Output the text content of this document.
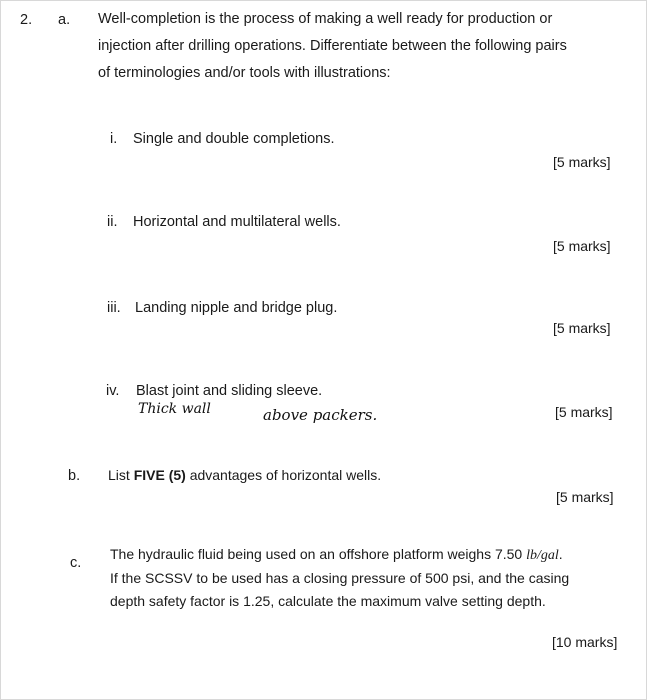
2. a. Well-completion is the process of making a well ready for production or
injection after drilling operations. Differentiate between the following pairs
of terminologies and/or tools with illustrations:
i. Single and double completions.
[5 marks]
ii. Horizontal and multilateral wells.
[5 marks]
iii. Landing nipple and bridge plug.
[5 marks]
iv. Blast joint and sliding sleeve.
Thick wall	above packers.	[5 marks]
b. List FIVE (5) advantages of horizontal wells.
[5 marks]
c.
The hydraulic fluid being used on an offshore platform weighs 7.50 lb/gal.
If the SCSSV to be used has a closing pressure of 500 psi, and the casing
depth safety factor is 1.25, calculate the maximum valve setting depth.
[10 marks]
